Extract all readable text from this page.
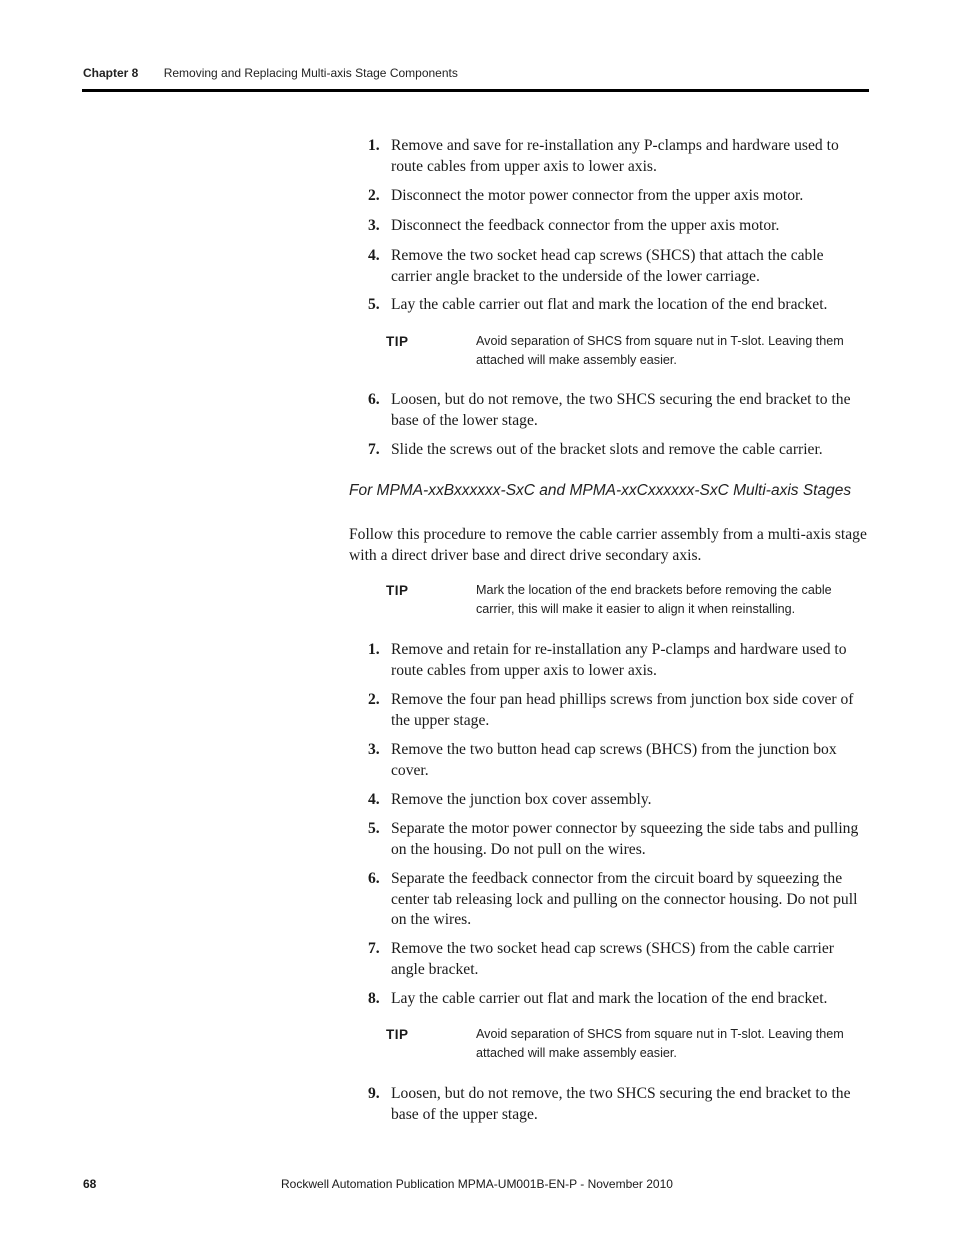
Chapter 8 Removing and Replacing Multi-axis Stage Components
1. Remove and save for re-installation any P-clamps and hardware used to route cables from upper axis to lower axis.
2. Disconnect the motor power connector from the upper axis motor.
3. Disconnect the feedback connector from the upper axis motor.
4. Remove the two socket head cap screws (SHCS) that attach the cable carrier angle bracket to the underside of the lower carriage.
5. Lay the cable carrier out flat and mark the location of the end bracket.
TIP	Avoid separation of SHCS from square nut in T-slot. Leaving them attached will make assembly easier.
6. Loosen, but do not remove, the two SHCS securing the end bracket to the base of the lower stage.
7. Slide the screws out of the bracket slots and remove the cable carrier.
For MPMA-xxBxxxxxx-SxC and MPMA-xxCxxxxxx-SxC Multi-axis Stages
Follow this procedure to remove the cable carrier assembly from a multi-axis stage with a direct driver base and direct drive secondary axis.
TIP	Mark the location of the end brackets before removing the cable carrier, this will make it easier to align it when reinstalling.
1. Remove and retain for re-installation any P-clamps and hardware used to route cables from upper axis to lower axis.
2. Remove the four pan head phillips screws from junction box side cover of the upper stage.
3. Remove the two button head cap screws (BHCS) from the junction box cover.
4. Remove the junction box cover assembly.
5. Separate the motor power connector by squeezing the side tabs and pulling on the housing. Do not pull on the wires.
6. Separate the feedback connector from the circuit board by squeezing the center tab releasing lock and pulling on the connector housing. Do not pull on the wires.
7. Remove the two socket head cap screws (SHCS) from the cable carrier angle bracket.
8. Lay the cable carrier out flat and mark the location of the end bracket.
TIP	Avoid separation of SHCS from square nut in T-slot. Leaving them attached will make assembly easier.
9. Loosen, but do not remove, the two SHCS securing the end bracket to the base of the upper stage.
68	Rockwell Automation Publication MPMA-UM001B-EN-P - November 2010
